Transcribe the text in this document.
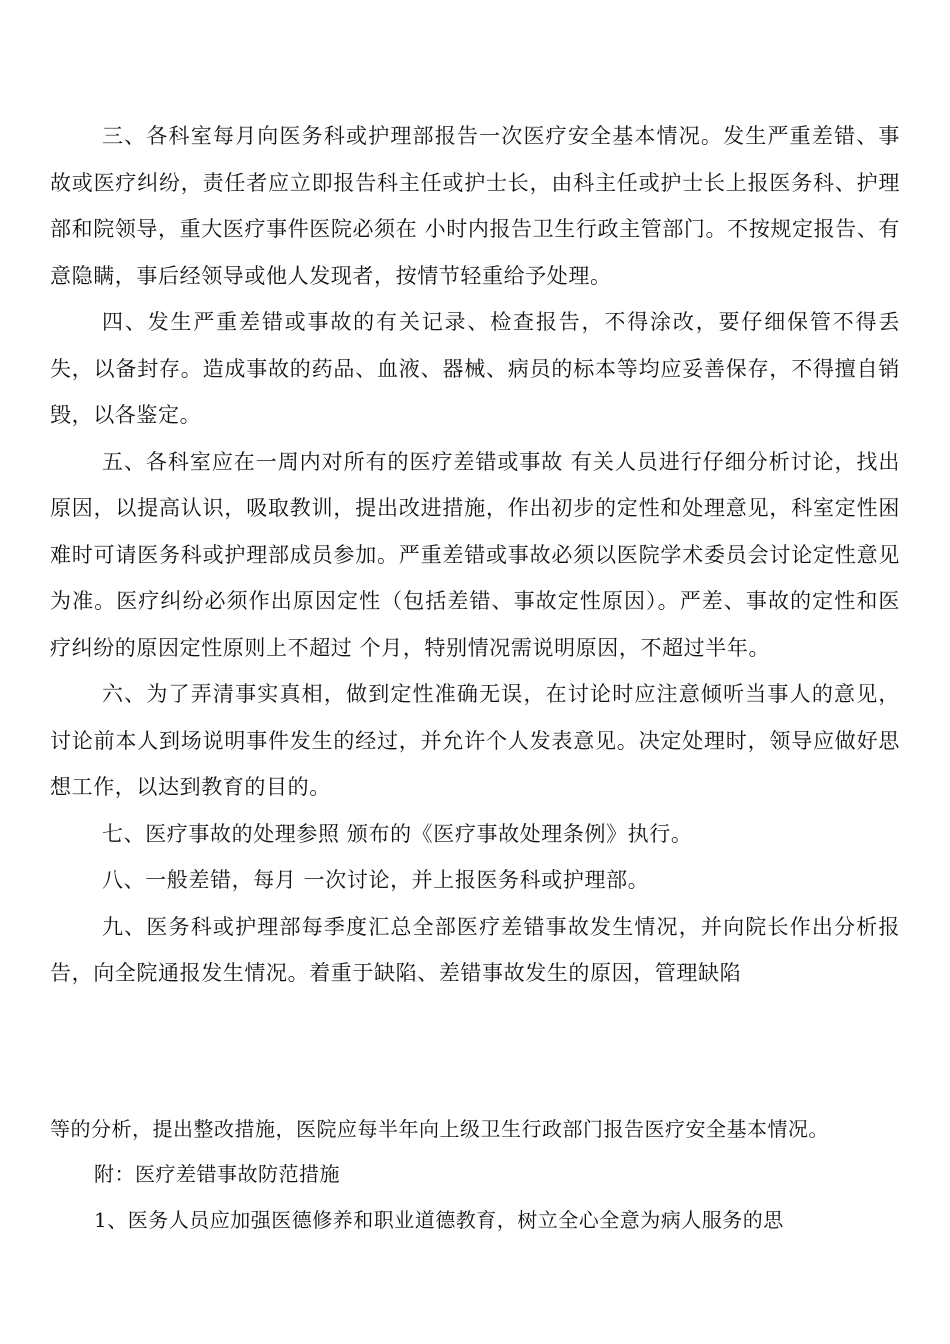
三、各科室每月向医务科或护理部报告一次医疗安全基本情况。发生严重差错、事故或医疗纠纷，责任者应立即报告科主任或护士长，由科主任或护士长上报医务科、护理部和院领导，重大医疗事件医院必须在 小时内报告卫生行政主管部门。不按规定报告、有意隐瞒，事后经领导或他人发现者，按情节轻重给予处理。

四、发生严重差错或事故的有关记录、检查报告，不得涂改，要仔细保管不得丢失，以备封存。造成事故的药品、血液、器械、病员的标本等均应妥善保存，不得擅自销毁，以各鉴定。

五、各科室应在一周内对所有的医疗差错或事故 有关人员进行仔细分析讨论，找出原因，以提高认识，吸取教训，提出改进措施，作出初步的定性和处理意见，科室定性困难时可请医务科或护理部成员参加。严重差错或事故必须以医院学术委员会讨论定性意见为准。医疗纠纷必须作出原因定性（包括差错、事故定性原因）。严差、事故的定性和医疗纠纷的原因定性原则上不超过 个月，特别情况需说明原因，不超过半年。

六、为了弄清事实真相，做到定性准确无误，在讨论时应注意倾听当事人的意见，讨论前本人到场说明事件发生的经过，并允许个人发表意见。决定处理时，领导应做好思想工作，以达到教育的目的。

七、医疗事故的处理参照 颁布的《医疗事故处理条例》执行。

八、一般差错，每月 一次讨论，并上报医务科或护理部。

九、医务科或护理部每季度汇总全部医疗差错事故发生情况，并向院长作出分析报告，向全院通报发生情况。着重于缺陷、差错事故发生的原因，管理缺陷

等的分析，提出整改措施，医院应每半年向上级卫生行政部门报告医疗安全基本情况。

附：医疗差错事故防范措施

1、医务人员应加强医德修养和职业道德教育，树立全心全意为病人服务的思
